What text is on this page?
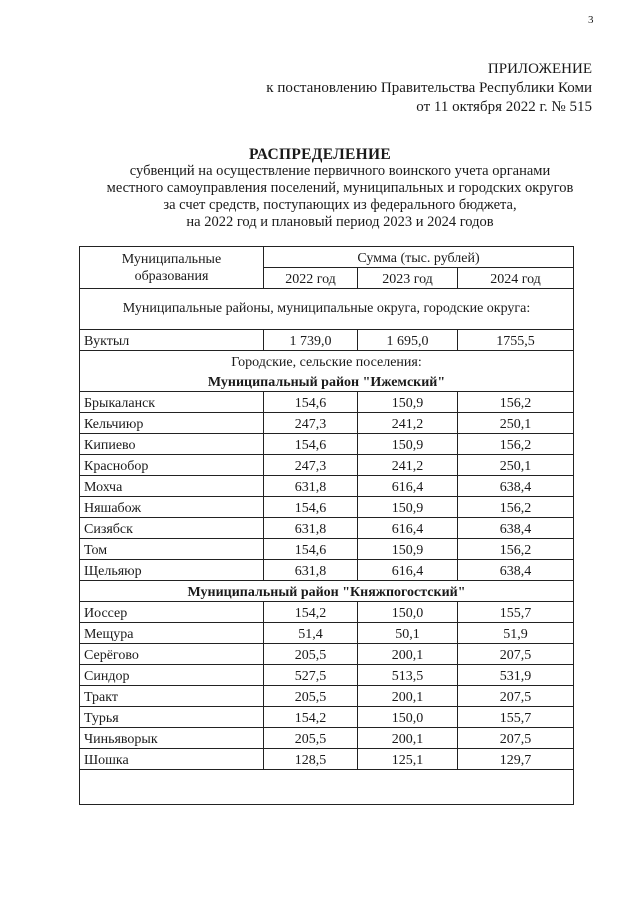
3
ПРИЛОЖЕНИЕ
к постановлению Правительства Республики Коми
от 11 октября 2022 г. № 515
РАСПРЕДЕЛЕНИЕ
субвенций на осуществление первичного воинского учета органами
местного самоуправления поселений, муниципальных и городских округов
за счет средств, поступающих из федерального бюджета,
на 2022 год и плановый период 2023 и 2024 годов
Муниципальные
образования	Сумма (тыс. рублей)		
	2022 год	2023 год	2024 год
Муниципальные районы, муниципальные округа, городские округа:			
Вуктыл	1 739,0	1 695,0	1755,5
Городские, сельские поселения:			
Муниципальный район "Ижемский"			
Брыкаланск	154,6	150,9	156,2
Кельчиюр	247,3	241,2	250,1
Кипиево	154,6	150,9	156,2
Краснобор	247,3	241,2	250,1
Мохча	631,8	616,4	638,4
Няшабож	154,6	150,9	156,2
Сизябск	631,8	616,4	638,4
Том	154,6	150,9	156,2
Щельяюр	631,8	616,4	638,4
Муниципальный район "Княжпогостский"			
Иоссер	154,2	150,0	155,7
Мещура	51,4	50,1	51,9
Серёгово	205,5	200,1	207,5
Синдор	527,5	513,5	531,9
Тракт	205,5	200,1	207,5
Турья	154,2	150,0	155,7
Чиньяворык	205,5	200,1	207,5
Шошка	128,5	125,1	129,7
